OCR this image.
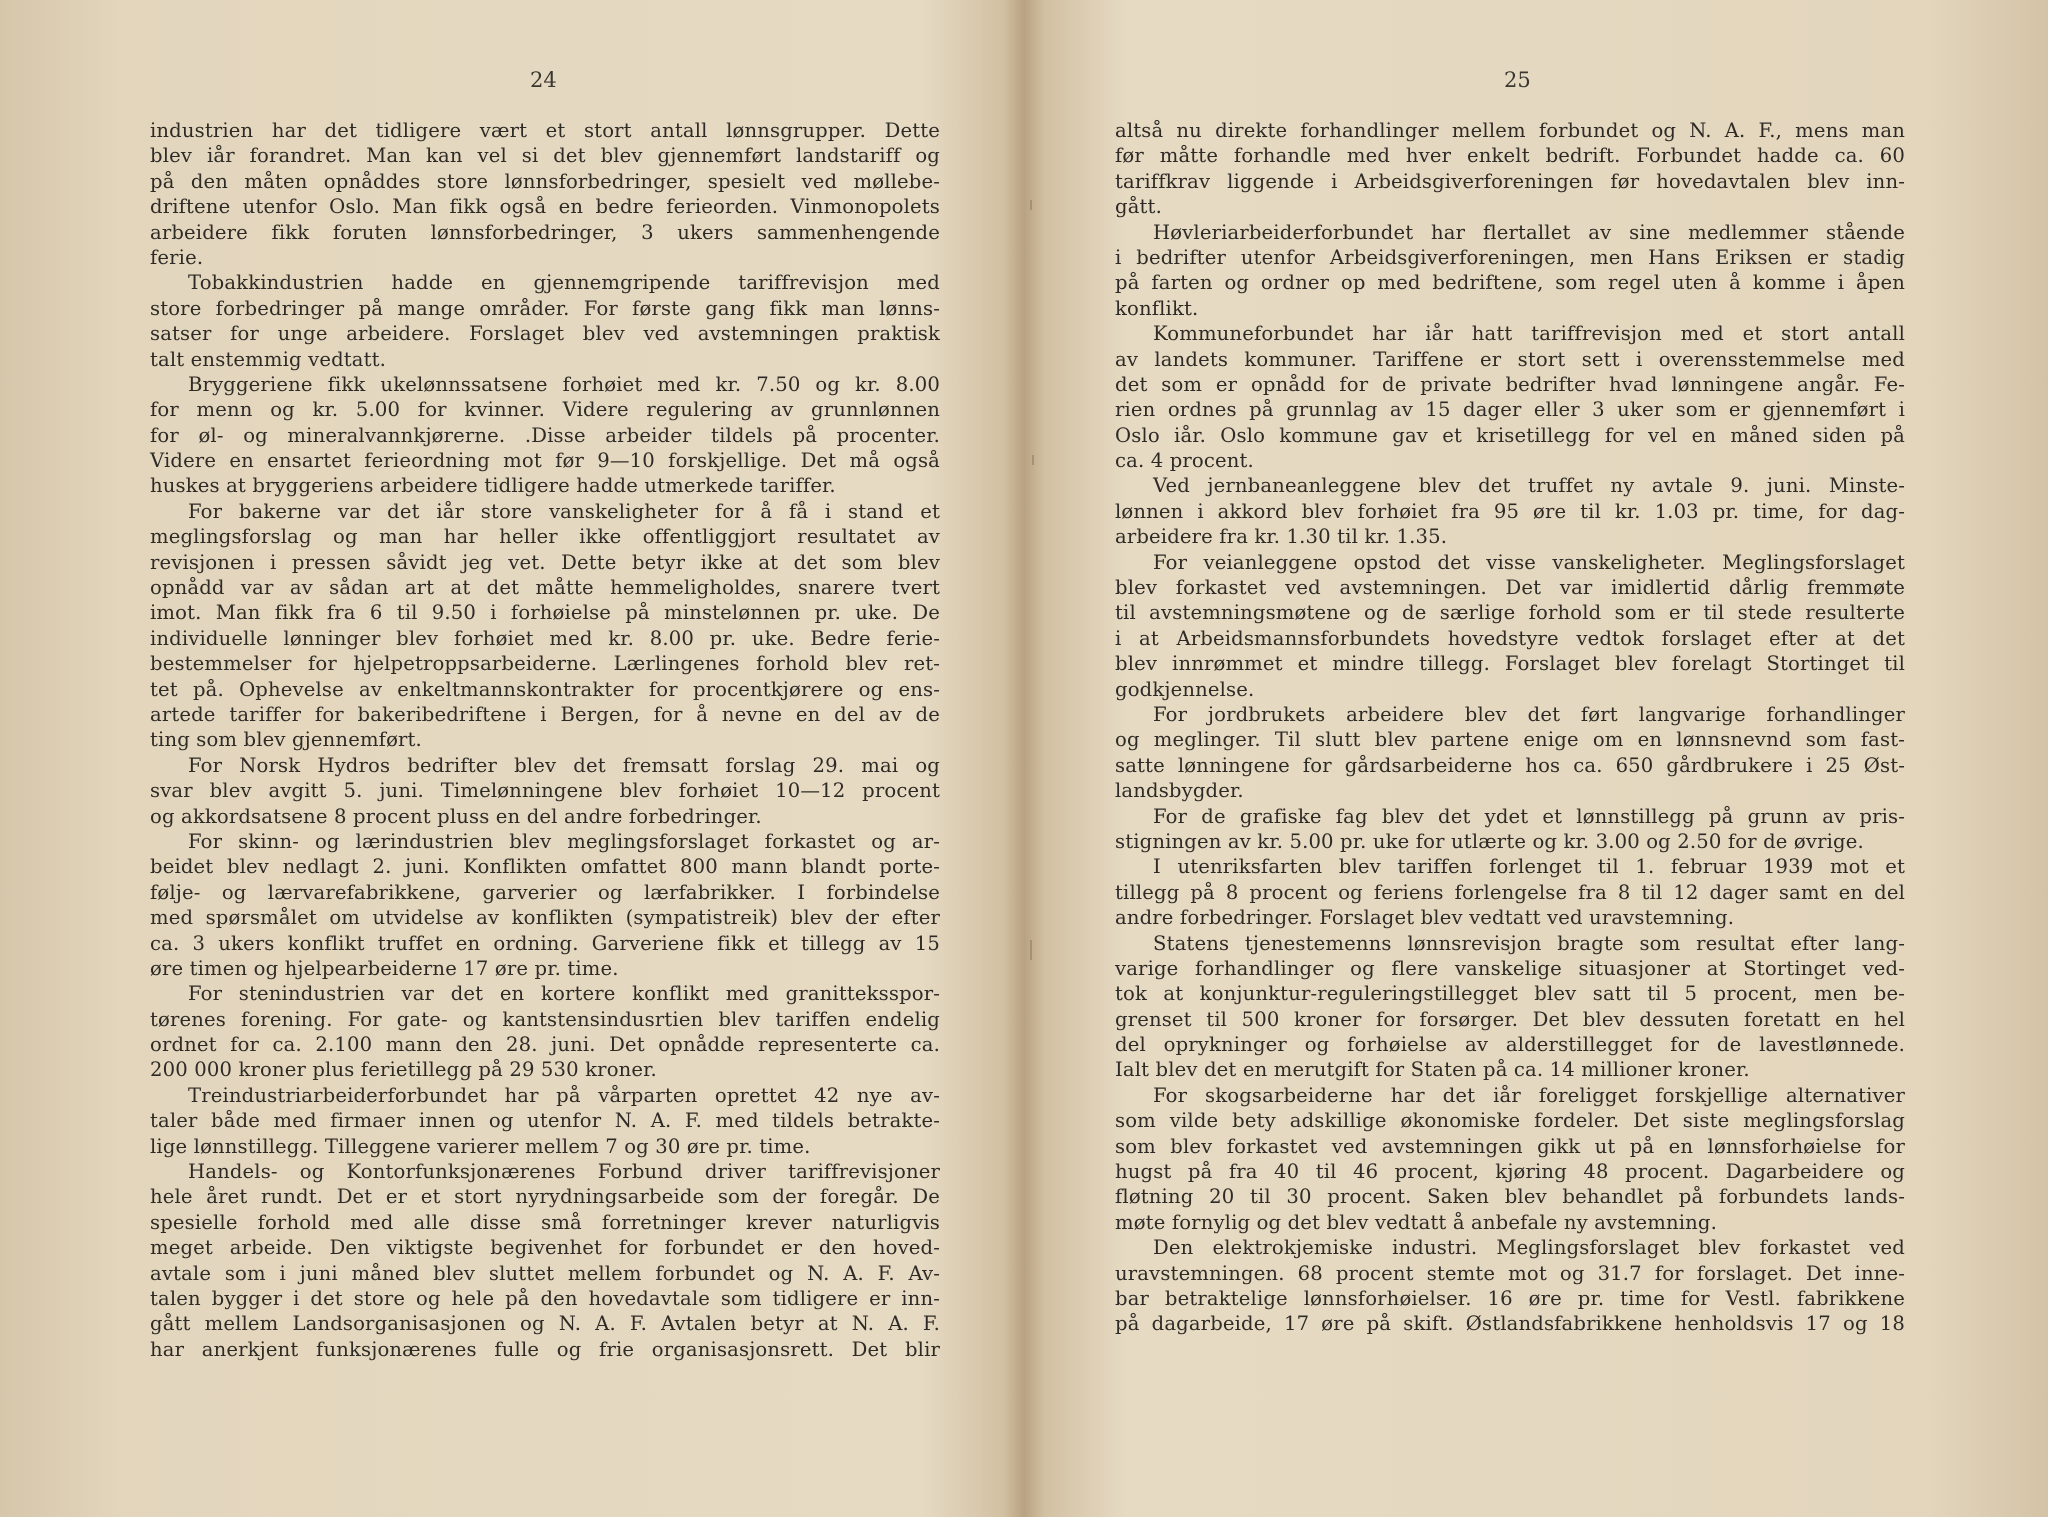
24
industrien har det tidligere vært et stort antall lønnsgrupper. Dette
blev iår forandret. Man kan vel si det blev gjennemført landstariff og
på den måten opnåddes store lønnsforbedringer, spesielt ved møllebe-
driftene utenfor Oslo. Man fikk også en bedre ferieorden. Vinmonopolets
arbeidere fikk foruten lønnsforbedringer, 3 ukers sammenhengende
ferie.
Tobakkindustrien hadde en gjennemgripende tariffrevisjon med
store forbedringer på mange områder. For første gang fikk man lønns-
satser for unge arbeidere. Forslaget blev ved avstemningen praktisk
talt enstemmig vedtatt.
Bryggeriene fikk ukelønnssatsene forhøiet med kr. 7.50 og kr. 8.00
for menn og kr. 5.00 for kvinner. Videre regulering av grunnlønnen
for øl- og mineralvannkjørerne. .Disse arbeider tildels på procenter.
Videre en ensartet ferieordning mot før 9—10 forskjellige. Det må også
huskes at bryggeriens arbeidere tidligere hadde utmerkede tariffer.
For bakerne var det iår store vanskeligheter for å få i stand et
meglingsforslag og man har heller ikke offentliggjort resultatet av
revisjonen i pressen såvidt jeg vet. Dette betyr ikke at det som blev
opnådd var av sådan art at det måtte hemmeligholdes, snarere tvert
imot. Man fikk fra 6 til 9.50 i forhøielse på minstelønnen pr. uke. De
individuelle lønninger blev forhøiet med kr. 8.00 pr. uke. Bedre ferie-
bestemmelser for hjelpetroppsarbeiderne. Lærlingenes forhold blev ret-
tet på. Ophevelse av enkeltmannskontrakter for procentkjørere og ens-
artede tariffer for bakeribedriftene i Bergen, for å nevne en del av de
ting som blev gjennemført.
For Norsk Hydros bedrifter blev det fremsatt forslag 29. mai og
svar blev avgitt 5. juni. Timelønningene blev forhøiet 10—12 procent
og akkordsatsene 8 procent pluss en del andre forbedringer.
For skinn- og lærindustrien blev meglingsforslaget forkastet og ar-
beidet blev nedlagt 2. juni. Konflikten omfattet 800 mann blandt porte-
følje- og lærvarefabrikkene, garverier og lærfabrikker. I forbindelse
med spørsmålet om utvidelse av konflikten (sympatistreik) blev der efter
ca. 3 ukers konflikt truffet en ordning. Garveriene fikk et tillegg av 15
øre timen og hjelpearbeiderne 17 øre pr. time.
For stenindustrien var det en kortere konflikt med granitteksspor-
tørenes forening. For gate- og kantstensindusrtien blev tariffen endelig
ordnet for ca. 2.100 mann den 28. juni. Det opnådde representerte ca.
200 000 kroner plus ferietillegg på 29 530 kroner.
Treindustriarbeiderforbundet har på vårparten oprettet 42 nye av-
taler både med firmaer innen og utenfor N. A. F. med tildels betrakte-
lige lønnstillegg. Tilleggene varierer mellem 7 og 30 øre pr. time.
Handels- og Kontorfunksjonærenes Forbund driver tariffrevisjoner
hele året rundt. Det er et stort nyrydningsarbeide som der foregår. De
spesielle forhold med alle disse små forretninger krever naturligvis
meget arbeide. Den viktigste begivenhet for forbundet er den hoved-
avtale som i juni måned blev sluttet mellem forbundet og N. A. F. Av-
talen bygger i det store og hele på den hovedavtale som tidligere er inn-
gått mellem Landsorganisasjonen og N. A. F. Avtalen betyr at N. A. F.
har anerkjent funksjonærenes fulle og frie organisasjonsrett. Det blir
25
altså nu direkte forhandlinger mellem forbundet og N. A. F., mens man
før måtte forhandle med hver enkelt bedrift. Forbundet hadde ca. 60
tariffkrav liggende i Arbeidsgiverforeningen før hovedavtalen blev inn-
gått.
Høvleriarbeiderforbundet har flertallet av sine medlemmer stående
i bedrifter utenfor Arbeidsgiverforeningen, men Hans Eriksen er stadig
på farten og ordner op med bedriftene, som regel uten å komme i åpen
konflikt.
Kommuneforbundet har iår hatt tariffrevisjon med et stort antall
av landets kommuner. Tariffene er stort sett i overensstemmelse med
det som er opnådd for de private bedrifter hvad lønningene angår. Fe-
rien ordnes på grunnlag av 15 dager eller 3 uker som er gjennemført i
Oslo iår. Oslo kommune gav et krisetillegg for vel en måned siden på
ca. 4 procent.
Ved jernbaneanleggene blev det truffet ny avtale 9. juni. Minste-
lønnen i akkord blev forhøiet fra 95 øre til kr. 1.03 pr. time, for dag-
arbeidere fra kr. 1.30 til kr. 1.35.
For veianleggene opstod det visse vanskeligheter. Meglingsforslaget
blev forkastet ved avstemningen. Det var imidlertid dårlig fremmøte
til avstemningsmøtene og de særlige forhold som er til stede resulterte
i at Arbeidsmannsforbundets hovedstyre vedtok forslaget efter at det
blev innrømmet et mindre tillegg. Forslaget blev forelagt Stortinget til
godkjennelse.
For jordbrukets arbeidere blev det ført langvarige forhandlinger
og meglinger. Til slutt blev partene enige om en lønnsnevnd som fast-
satte lønningene for gårdsarbeiderne hos ca. 650 gårdbrukere i 25 Øst-
landsbygder.
For de grafiske fag blev det ydet et lønnstillegg på grunn av pris-
stigningen av kr. 5.00 pr. uke for utlærte og kr. 3.00 og 2.50 for de øvrige.
I utenriksfarten blev tariffen forlenget til 1. februar 1939 mot et
tillegg på 8 procent og feriens forlengelse fra 8 til 12 dager samt en del
andre forbedringer. Forslaget blev vedtatt ved uravstemning.
Statens tjenestemenns lønnsrevisjon bragte som resultat efter lang-
varige forhandlinger og flere vanskelige situasjoner at Stortinget ved-
tok at konjunktur-reguleringstillegget blev satt til 5 procent, men be-
grenset til 500 kroner for forsørger. Det blev dessuten foretatt en hel
del oprykninger og forhøielse av alderstillegget for de lavestlønnede.
Ialt blev det en merutgift for Staten på ca. 14 millioner kroner.
For skogsarbeiderne har det iår foreligget forskjellige alternativer
som vilde bety adskillige økonomiske fordeler. Det siste meglingsforslag
som blev forkastet ved avstemningen gikk ut på en lønnsforhøielse for
hugst på fra 40 til 46 procent, kjøring 48 procent. Dagarbeidere og
fløtning 20 til 30 procent. Saken blev behandlet på forbundets lands-
møte fornylig og det blev vedtatt å anbefale ny avstemning.
Den elektrokjemiske industri. Meglingsforslaget blev forkastet ved
uravstemningen. 68 procent stemte mot og 31.7 for forslaget. Det inne-
bar betraktelige lønnsforhøielser. 16 øre pr. time for Vestl. fabrikkene
på dagarbeide, 17 øre på skift. Østlandsfabrikkene henholdsvis 17 og 18
